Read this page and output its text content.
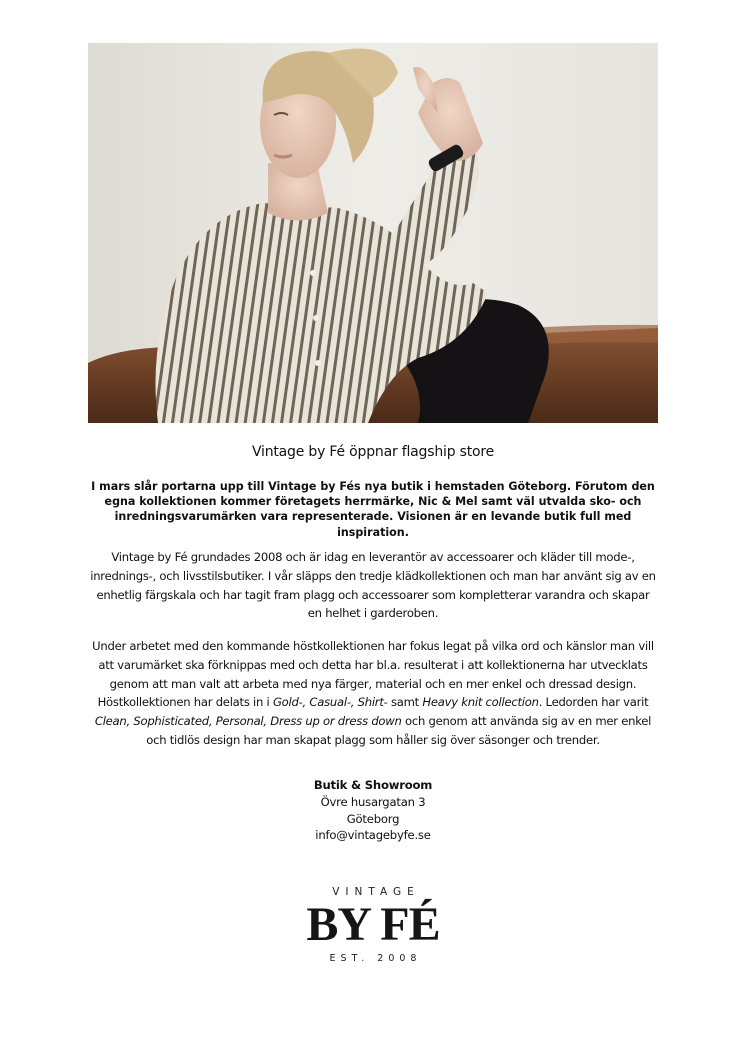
Vintage by Fé öppnar flagship store
I mars slår portarna upp till Vintage by Fés nya butik i hemstaden Göteborg. Förutom den egna kollektionen kommer företagets herrmärke, Nic & Mel samt väl utvalda sko- och inredningsvarumärken vara representerade. Visionen är en levande butik full med inspiration.
Vintage by Fé grundades 2008 och är idag en leverantör av accessoarer och kläder till mode-, inrednings-, och livsstilsbutiker. I vår släpps den tredje klädkollektionen och man har använt sig av en enhetlig färgskala och har tagit fram plagg och accessoarer som kompletterar varandra och skapar en helhet i garderoben.
Under arbetet med den kommande höstkollektionen har fokus legat på vilka ord och känslor man vill att varumärket ska förknippas med och detta har bl.a. resulterat i att kollektionerna har utvecklats genom att man valt att arbeta med nya färger, material och en mer enkel och dressad design. Höstkollektionen har delats in i Gold-, Casual-, Shirt- samt Heavy knit collection. Ledorden har varit Clean, Sophisticated, Personal, Dress up or dress down och genom att använda sig av en mer enkel och tidlös design har man skapat plagg som håller sig över säsonger och trender.
Butik & Showroom
Övre husargatan 3
Göteborg
info@vintagebyfe.se
VINTAGE
BY FÉ
EST. 2008
